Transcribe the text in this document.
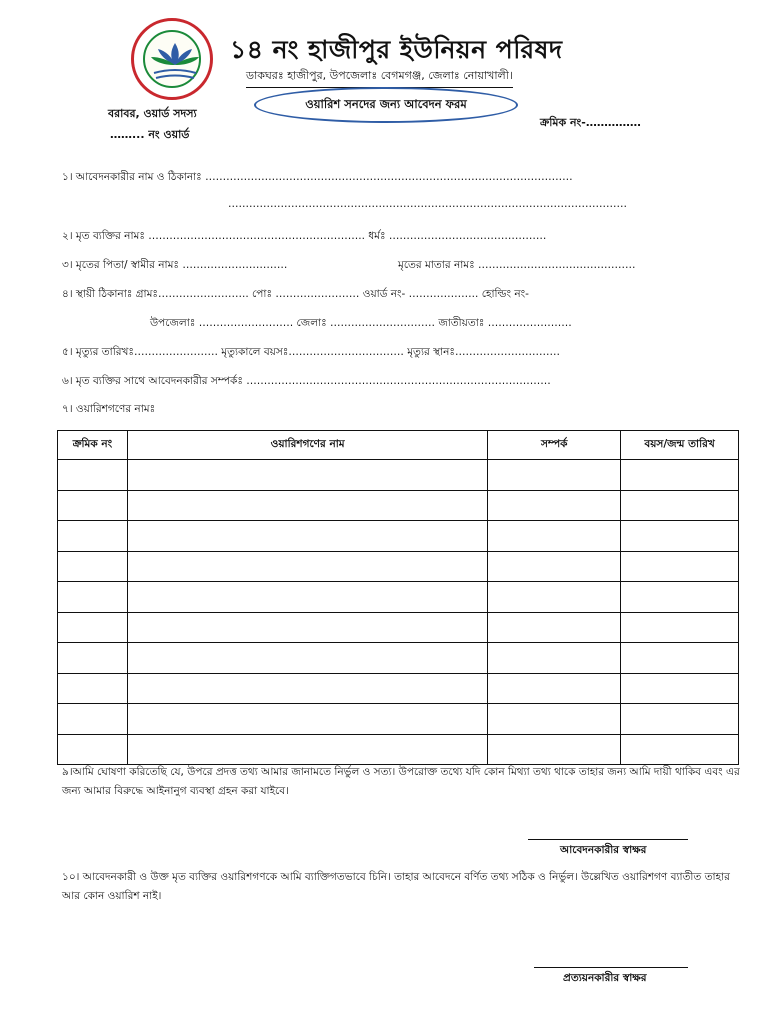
১৪ নং হাজীপুর ইউনিয়ন পরিষদ
ডাকঘরঃ হাজীপুর, উপজেলাঃ বেগমগঞ্জ, জেলাঃ নোয়াখালী।
ওয়ারিশ সনদের জন্য আবেদন ফরম
বরাবর, ওয়ার্ড সদস্য
……... নং ওয়ার্ড
ক্রমিক নং-……………
১। আবেদনকারীর নাম ও ঠিকানাঃ ……………………………………………………………………………………………
……………………………………………………………………………………………………
২। মৃত ব্যক্তির নামঃ …………………………………………………….. ধর্মঃ ………………………………………
৩। মৃতের পিতা/ স্বামীর নামঃ …………………………	মৃতের মাতার নামঃ ………………………………………
৪। স্থায়ী ঠিকানাঃ গ্রামঃ…………………….. পোঃ …………………… ওয়ার্ড নং- ……………….. হোল্ডিং নং-
উপজেলাঃ ……………………… জেলাঃ ………………………… জাতীয়তাঃ ……………………
৫। মৃত্যুর তারিখঃ…………………… মৃত্যুকালে বয়সঃ…………………………… মৃত্যুর স্থানঃ…………………………
৬। মৃত ব্যক্তির সাথে আবেদনকারীর সম্পর্কঃ ……………………………………………………………………………
৭। ওয়ারিশগণের নামঃ
ক্রমিক নং	ওয়ারিশগণের নাম	সম্পর্ক	বয়স/জন্ম তারিখ

৯।আমি ঘোষণা করিতেছি যে, উপরে প্রদত্ত তথ্য আমার জানামতে নির্ভুল ও সত্য। উপরোক্ত তথ্যে যদি কোন মিথ্যা তথ্য থাকে তাহার জন্য আমি দায়ী থাকিব এবং এর জন্য আমার বিরুদ্ধে আইনানুগ ব্যবস্থা গ্রহন করা যাইবে।
আবেদনকারীর স্বাক্ষর
১০। আবেদনকারী ও উক্ত মৃত ব্যক্তির ওয়ারিশগণকে আমি ব্যাক্তিগতভাবে চিনি। তাহার আবেদনে বর্ণিত তথ্য সঠিক ও নির্ভুল। উল্লেখিত ওয়ারিশগণ ব্যাতীত তাহার আর কোন ওয়ারিশ নাই।
প্রত্যয়নকারীর স্বাক্ষর
